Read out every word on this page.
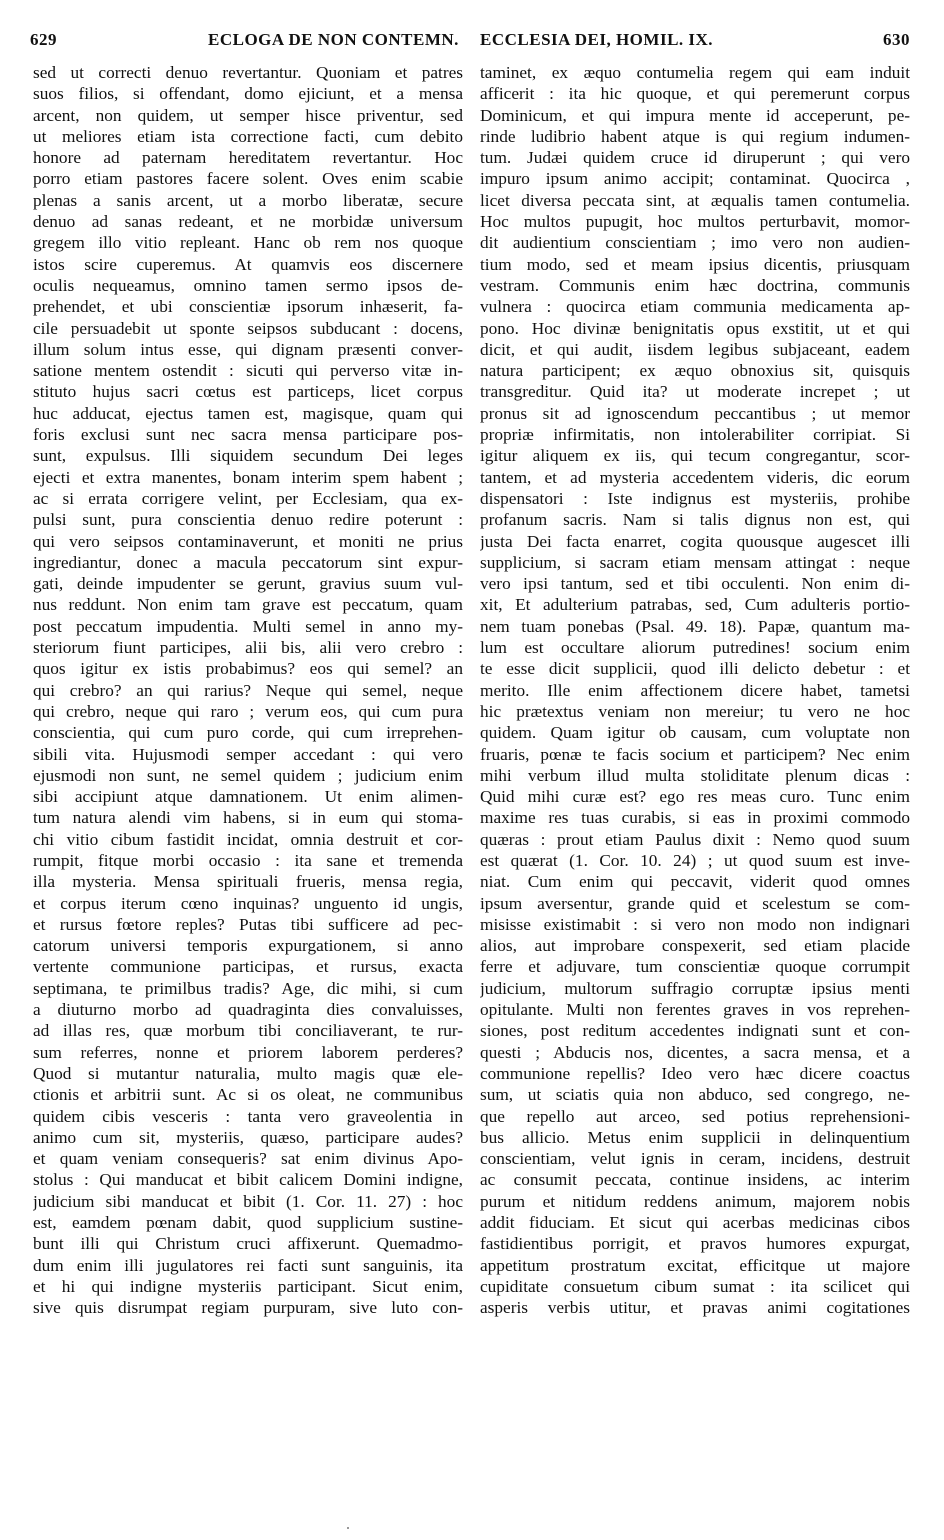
629	ECLOGA DE NON CONTEMN. ECCLESIA DEI, HOMIL. IX.	630
sed ut correcti denuo revertantur. Quoniam et patres
suos filios, si offendant, domo ejiciunt, et a mensa
arcent, non quidem, ut semper hisce priventur, sed
ut meliores etiam ista correctione facti, cum debito
honore ad paternam hereditatem revertantur. Hoc
porro etiam pastores facere solent. Oves enim scabie
plenas a sanis arcent, ut a morbo liberatæ, secure
denuo ad sanas redeant, et ne morbidæ universum
gregem illo vitio repleant. Hanc ob rem nos quoque
istos scire cuperemus. At quamvis eos discernere
oculis nequeamus, omnino tamen sermo ipsos de-
prehendet, et ubi conscientiæ ipsorum inhæserit, fa-
cile persuadebit ut sponte seipsos subducant : docens,
illum solum intus esse, qui dignam præsenti conver-
satione mentem ostendit : sicuti qui perverso vitæ in-
stituto hujus sacri cœtus est particeps, licet corpus
huc adducat, ejectus tamen est, magisque, quam qui
foris exclusi sunt nec sacra mensa participare pos-
sunt, expulsus. Illi siquidem secundum Dei leges
ejecti et extra manentes, bonam interim spem habent ;
ac si errata corrigere velint, per Ecclesiam, qua ex-
pulsi sunt, pura conscientia denuo redire poterunt :
qui vero seipsos contaminaverunt, et moniti ne prius
ingrediantur, donec a macula peccatorum sint expur-
gati, deinde impudenter se gerunt, gravius suum vul-
nus reddunt. Non enim tam grave est peccatum, quam
post peccatum impudentia. Multi semel in anno my-
steriorum fiunt participes, alii bis, alii vero crebro :
quos igitur ex istis probabimus? eos qui semel? an
qui crebro? an qui rarius? Neque qui semel, neque
qui crebro, neque qui raro ; verum eos, qui cum pura
conscientia, qui cum puro corde, qui cum irreprehen-
sibili vita. Hujusmodi semper accedant : qui vero
ejusmodi non sunt, ne semel quidem ; judicium enim
sibi accipiunt atque damnationem. Ut enim alimen-
tum natura alendi vim habens, si in eum qui stoma-
chi vitio cibum fastidit incidat, omnia destruit et cor-
rumpit, fitque morbi occasio : ita sane et tremenda
illa mysteria. Mensa spirituali frueris, mensa regia,
et corpus iterum cœno inquinas? unguento id ungis,
et rursus fœtore reples? Putas tibi sufficere ad pec-
catorum universi temporis expurgationem, si anno
vertente communione participas, et rursus, exacta
septimana, te primilbus tradis? Age, dic mihi, si cum
a diuturno morbo ad quadraginta dies convaluisses,
ad illas res, quæ morbum tibi conciliaverant, te rur-
sum referres, nonne et priorem laborem perderes?
Quod si mutantur naturalia, multo magis quæ ele-
ctionis et arbitrii sunt. Ac si os oleat, ne communibus
quidem cibis vesceris : tanta vero graveolentia in
animo cum sit, mysteriis, quæso, participare audes?
et quam veniam consequeris? sat enim divinus Apo-
stolus : Qui manducat et bibit calicem Domini indigne,
judicium sibi manducat et bibit (1. Cor. 11. 27) : hoc
est, eamdem pœnam dabit, quod supplicium sustine-
bunt illi qui Christum cruci affixerunt. Quemadmo-
dum enim illi jugulatores rei facti sunt sanguinis, ita
et hi qui indigne mysteriis participant. Sicut enim,
sive quis disrumpat regiam purpuram, sive luto con-
taminet, ex æquo contumelia regem qui eam induit
afficerit : ita hic quoque, et qui peremerunt corpus
Dominicum, et qui impura mente id acceperunt, pe-
rinde ludibrio habent atque is qui regium indumen-
tum. Judæi quidem cruce id diruperunt ; qui vero
impuro ipsum animo accipit; contaminat. Quocirca ,
licet diversa peccata sint, at æqualis tamen contumelia.
Hoc multos pupugit, hoc multos perturbavit, momor-
dit audientium conscientiam ; imo vero non audien-
tium modo, sed et meam ipsius dicentis, priusquam
vestram. Communis enim hæc doctrina, communis
vulnera : quocirca etiam communia medicamenta ap-
pono. Hoc divinæ benignitatis opus exstitit, ut et qui
dicit, et qui audit, iisdem legibus subjaceant, eadem
natura participent; ex æquo obnoxius sit, quisquis
transgreditur. Quid ita? ut moderate increpet ; ut
pronus sit ad ignoscendum peccantibus ; ut memor
propriæ infirmitatis, non intolerabiliter corripiat. Si
igitur aliquem ex iis, qui tecum congregantur, scor-
tantem, et ad mysteria accedentem videris, dic eorum
dispensatori : Iste indignus est mysteriis, prohibe
profanum sacris. Nam si talis dignus non est, qui
justa Dei facta enarret, cogita quousque augescet illi
supplicium, si sacram etiam mensam attingat : neque
vero ipsi tantum, sed et tibi occulenti. Non enim di-
xit, Et adulterium patrabas, sed, Cum adulteris portio-
nem tuam ponebas (Psal. 49. 18). Papæ, quantum ma-
lum est occultare aliorum putredines! socium enim
te esse dicit supplicii, quod illi delicto debetur : et
merito. Ille enim affectionem dicere habet, tametsi
hic prætextus veniam non mereiur; tu vero ne hoc
quidem. Quam igitur ob causam, cum voluptate non
fruaris, pœnæ te facis socium et participem? Nec enim
mihi verbum illud multa stoliditate plenum dicas :
Quid mihi curæ est? ego res meas curo. Tunc enim
maxime res tuas curabis, si eas in proximi commodo
quæras : prout etiam Paulus dixit : Nemo quod suum
est quærat (1. Cor. 10. 24) ; ut quod suum est inve-
niat. Cum enim qui peccavit, viderit quod omnes
ipsum aversentur, grande quid et scelestum se com-
misisse existimabit : si vero non modo non indignari
alios, aut improbare conspexerit, sed etiam placide
ferre et adjuvare, tum conscientiæ quoque corrumpit
judicium, multorum suffragio corruptæ ipsius menti
opitulante. Multi non ferentes graves in vos reprehen-
siones, post reditum accedentes indignati sunt et con-
questi ; Abducis nos, dicentes, a sacra mensa, et a
communione repellis? Ideo vero hæc dicere coactus
sum, ut sciatis quia non abduco, sed congrego, ne-
que repello aut arceo, sed potius reprehensioni-
bus allicio. Metus enim supplicii in delinquentium
conscientiam, velut ignis in ceram, incidens, destruit
ac consumit peccata, continue insidens, ac interim
purum et nitidum reddens animum, majorem nobis
addit fiduciam. Et sicut qui acerbas medicinas cibos
fastidientibus porrigit, et pravos humores expurgat,
appetitum prostratum excitat, efficitque ut majore
cupiditate consuetum cibum sumat : ita scilicet qui
asperis verbis utitur, et pravas animi cogitationes
